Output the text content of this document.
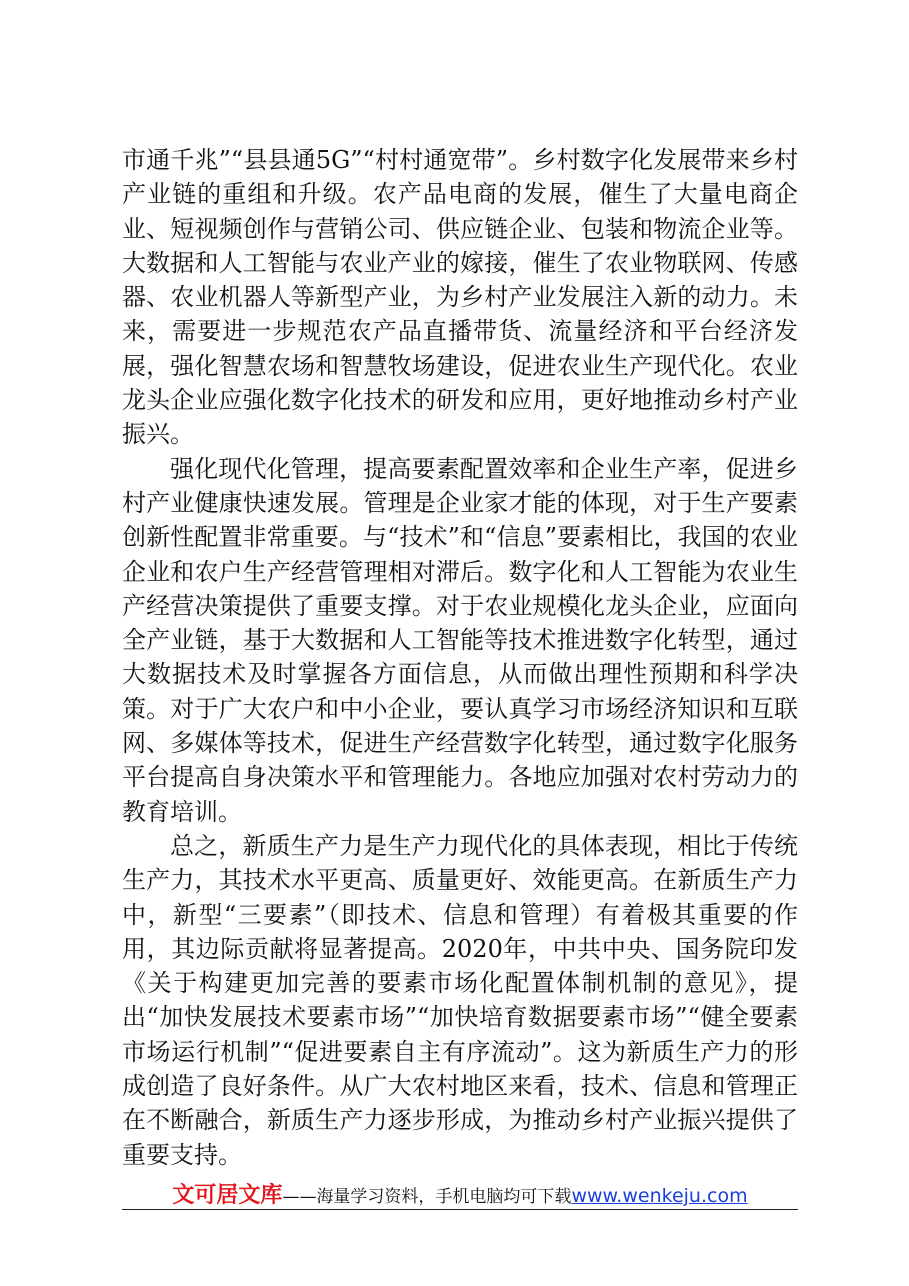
市通千兆”“县县通5G”“村村通宽带”。乡村数字化发展带来乡村产业链的重组和升级。农产品电商的发展，催生了大量电商企业、短视频创作与营销公司、供应链企业、包装和物流企业等。大数据和人工智能与农业产业的嫁接，催生了农业物联网、传感器、农业机器人等新型产业，为乡村产业发展注入新的动力。未来，需要进一步规范农产品直播带货、流量经济和平台经济发展，强化智慧农场和智慧牧场建设，促进农业生产现代化。农业龙头企业应强化数字化技术的研发和应用，更好地推动乡村产业振兴。

强化现代化管理，提高要素配置效率和企业生产率，促进乡村产业健康快速发展。管理是企业家才能的体现，对于生产要素创新性配置非常重要。与“技术”和“信息”要素相比，我国的农业企业和农户生产经营管理相对滞后。数字化和人工智能为农业生产经营决策提供了重要支撑。对于农业规模化龙头企业，应面向全产业链，基于大数据和人工智能等技术推进数字化转型，通过大数据技术及时掌握各方面信息，从而做出理性预期和科学决策。对于广大农户和中小企业，要认真学习市场经济知识和互联网、多媒体等技术，促进生产经营数字化转型，通过数字化服务平台提高自身决策水平和管理能力。各地应加强对农村劳动力的教育培训。

总之，新质生产力是生产力现代化的具体表现，相比于传统生产力，其技术水平更高、质量更好、效能更高。在新质生产力中，新型“三要素”（即技术、信息和管理）有着极其重要的作用，其边际贡献将显著提高。2020年，中共中央、国务院印发《关于构建更加完善的要素市场化配置体制机制的意见》，提出“加快发展技术要素市场”“加快培育数据要素市场”“健全要素市场运行机制”“促进要素自主有序流动”。这为新质生产力的形成创造了良好条件。从广大农村地区来看，技术、信息和管理正在不断融合，新质生产力逐步形成，为推动乡村产业振兴提供了重要支持。

文可居文库——海量学习资料，手机电脑均可下载www.wenkeju.com
